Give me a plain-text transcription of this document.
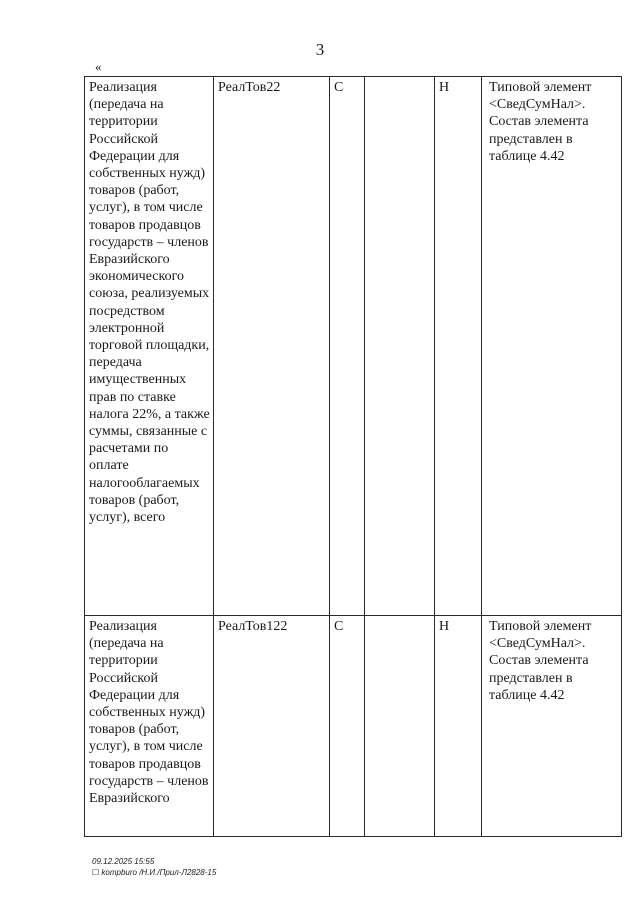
3
«
Реализация (передача на территории Российской Федерации для собственных нужд) товаров (работ, услуг), в том числе товаров продавцов государств – членов Евразийского экономического союза, реализуемых посредством электронной торговой площадки, передача имущественных прав по ставке налога 22%, а также суммы, связанные с расчетами по оплате налогооблагаемых товаров (работ, услуг), всего	РеалТов22	С		Н	Типовой элемент <СведСумНал>. Состав элемента представлен в таблице 4.42
Реализация (передача на территории Российской Федерации для собственных нужд) товаров (работ, услуг), в том числе товаров продавцов государств – членов Евразийского	РеалТов122	С		Н	Типовой элемент <СведСумНал>. Состав элемента представлен в таблице 4.42
09.12.2025 15:55
☐ kompburo /Н.И./Прил-Л2828-15
